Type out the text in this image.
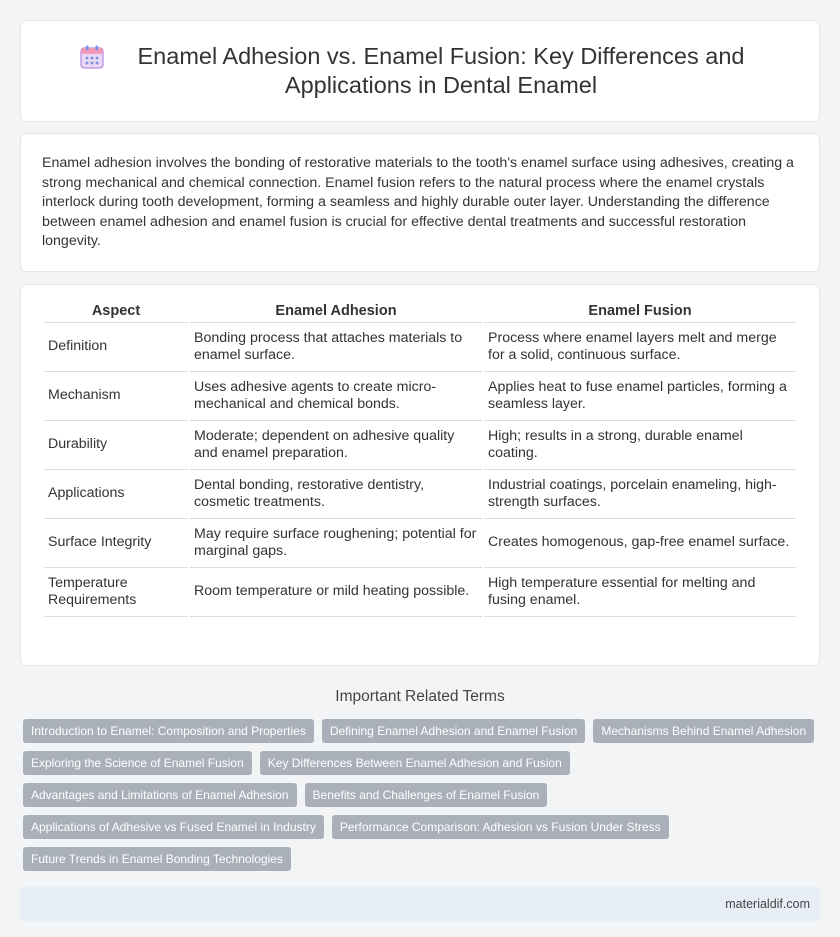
Enamel Adhesion vs. Enamel Fusion: Key Differences and Applications in Dental Enamel

Enamel adhesion involves the bonding of restorative materials to the tooth's enamel surface using adhesives, creating a strong mechanical and chemical connection. Enamel fusion refers to the natural process where the enamel crystals interlock during tooth development, forming a seamless and highly durable outer layer. Understanding the difference between enamel adhesion and enamel fusion is crucial for effective dental treatments and successful restoration longevity.

Aspect	Enamel Adhesion	Enamel Fusion
Definition	Bonding process that attaches materials to enamel surface.	Process where enamel layers melt and merge for a solid, continuous surface.
Mechanism	Uses adhesive agents to create micro-mechanical and chemical bonds.	Applies heat to fuse enamel particles, forming a seamless layer.
Durability	Moderate; dependent on adhesive quality and enamel preparation.	High; results in a strong, durable enamel coating.
Applications	Dental bonding, restorative dentistry, cosmetic treatments.	Industrial coatings, porcelain enameling, high-strength surfaces.
Surface Integrity	May require surface roughening; potential for marginal gaps.	Creates homogenous, gap-free enamel surface.
Temperature Requirements	Room temperature or mild heating possible.	High temperature essential for melting and fusing enamel.
Important Related Terms
Introduction to Enamel: Composition and Properties	Defining Enamel Adhesion and Enamel Fusion	Mechanisms Behind Enamel Adhesion
Exploring the Science of Enamel Fusion	Key Differences Between Enamel Adhesion and Fusion
Advantages and Limitations of Enamel Adhesion	Benefits and Challenges of Enamel Fusion
Applications of Adhesive vs Fused Enamel in Industry	Performance Comparison: Adhesion vs Fusion Under Stress
Future Trends in Enamel Bonding Technologies
materialdif.com
